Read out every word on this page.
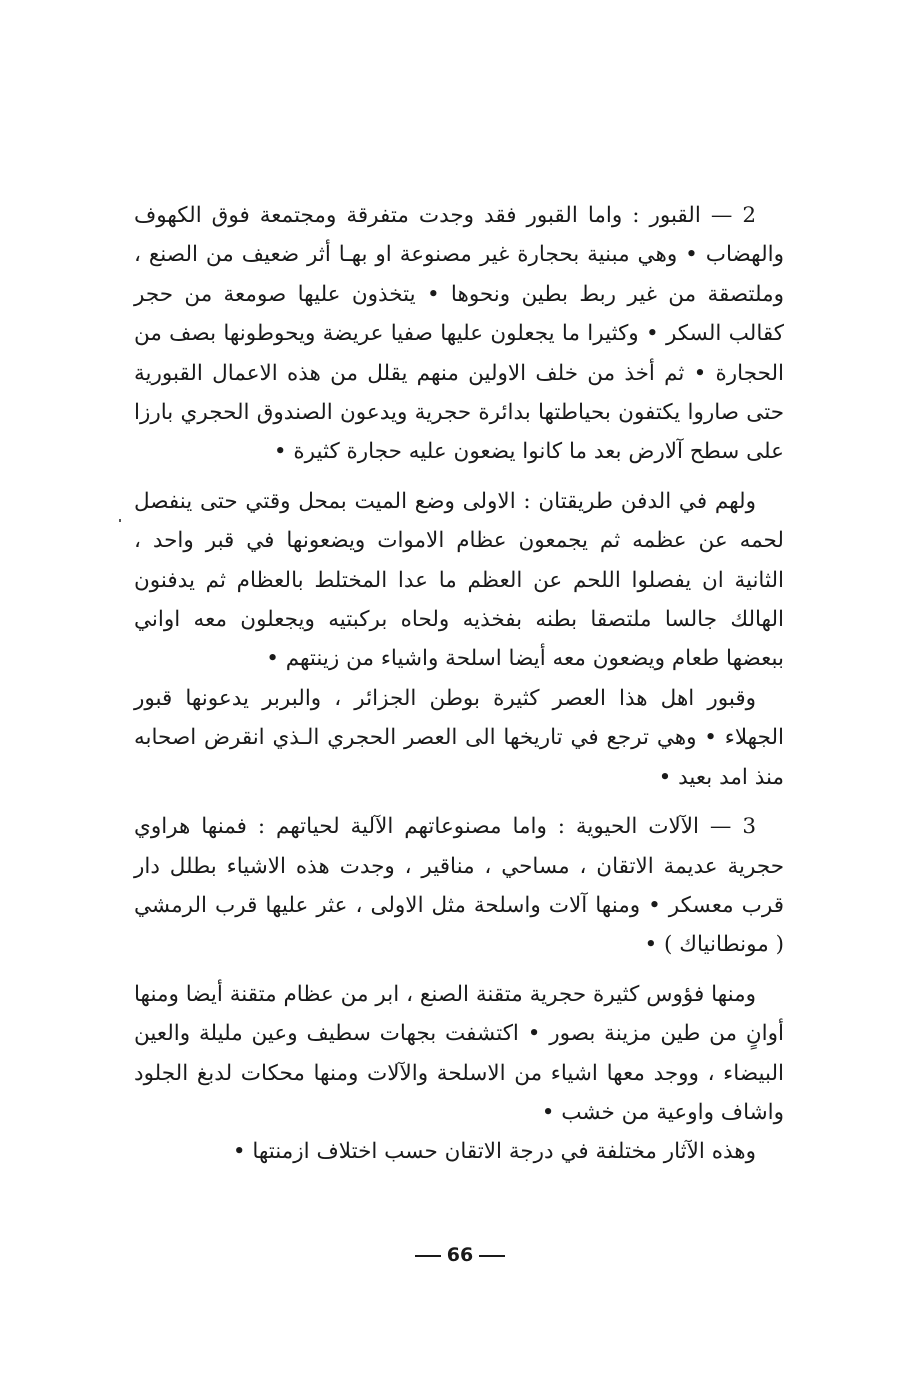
2 — القبور : واما القبور فقد وجدت متفرقة ومجتمعة فوق الكهوف والهضاب • وهي مبنية بحجارة غير مصنوعة او بهـا أثر ضعيف من الصنع ، وملتصقة من غير ربط بطين ونحوها • يتخذون عليها صومعة من حجر كقالب السكر • وكثيرا ما يجعلون عليها صفيا عريضة ويحوطونها بصف من الحجارة • ثم أخذ من خلف الاولين منهم يقلل من هذه الاعمال القبورية حتى صاروا يكتفون بحياطتها بدائرة حجرية ويدعون الصندوق الحجري بارزا على سطح آلارض بعد ما كانوا يضعون عليه حجارة كثيرة •

ولهم في الدفن طريقتان : الاولى وضع الميت بمحل وقتي حتى ينفصل لحمه عن عظمه ثم يجمعون عظام الاموات ويضعونها في قبر واحد ، الثانية ان يفصلوا اللحم عن العظم ما عدا المختلط بالعظام ثم يدفنون الهالك جالسا ملتصقا بطنه بفخذيه ولحاه بركبتيه ويجعلون معه اواني ببعضها طعام ويضعون معه أيضا اسلحة واشياء من زينتهم •

وقبور اهل هذا العصر كثيرة بوطن الجزائر ، والبربر يدعونها قبور الجهلاء • وهي ترجع في تاريخها الى العصر الحجري الـذي انقرض اصحابه منذ امد بعيد •

3 — الآلات الحيوية : واما مصنوعاتهم الآلية لحياتهم : فمنها هراوي حجرية عديمة الاتقان ، مساحي ، مناقير ، وجدت هذه الاشياء بطلل دار قرب معسكر • ومنها آلات واسلحة مثل الاولى ، عثر عليها قرب الرمشي ( مونطانياك ) •

ومنها فؤوس كثيرة حجرية متقنة الصنع ، ابر من عظام متقنة أيضا ومنها أوانٍ من طين مزينة بصور • اكتشفت بجهات سطيف وعين مليلة والعين البيضاء ، ووجد معها اشياء من الاسلحة والآلات ومنها محكات لدبغ الجلود واشاف واوعية من خشب •

وهذه الآثار مختلفة في درجة الاتقان حسب اختلاف ازمنتها •

66
